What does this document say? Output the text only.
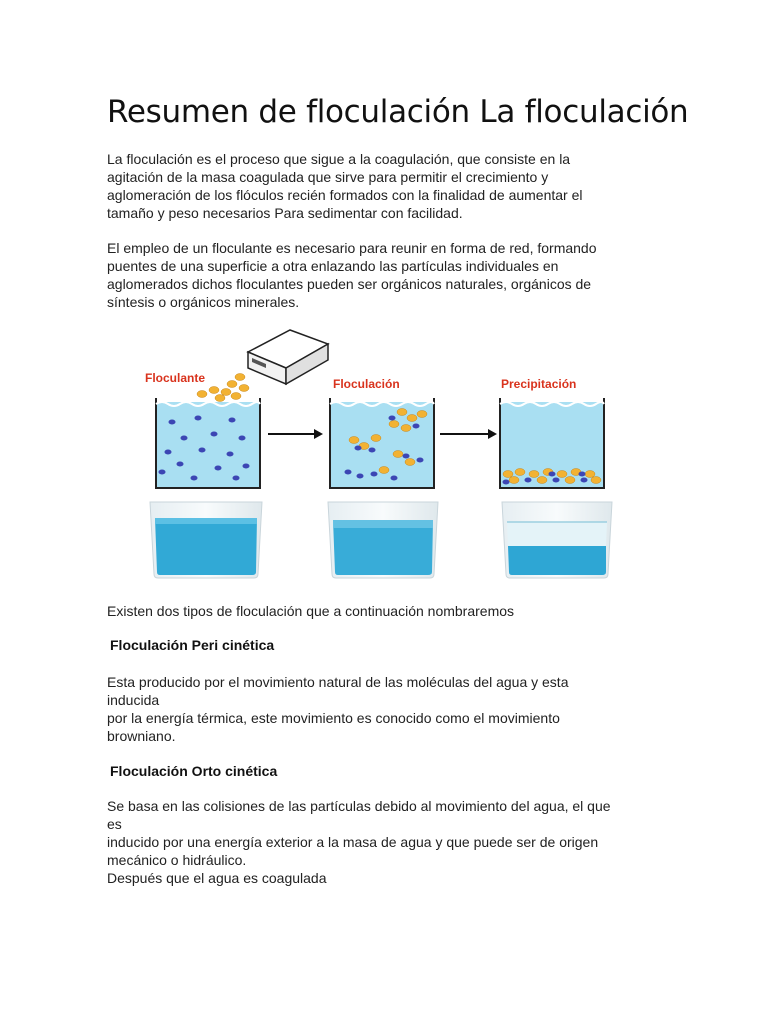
Resumen de floculación La floculación
La floculación es el proceso que sigue a la coagulación, que consiste en la
agitación de la masa coagulada que sirve para permitir el crecimiento y
aglomeración de los flóculos recién formados con la finalidad de aumentar el
tamaño y peso necesarios Para sedimentar con facilidad.
El empleo de un floculante es necesario para reunir en forma de red, formando
puentes de una superficie a otra enlazando las partículas individuales en
aglomerados dichos floculantes pueden ser orgánicos naturales, orgánicos de
síntesis o orgánicos minerales.
Floculante	Floculación	Precipitación

Existen dos tipos de floculación que a continuación nombraremos

Floculación Peri cinética

Esta producido por el movimiento natural de las moléculas del agua y esta
inducida
por la energía térmica, este movimiento es conocido como el movimiento
browniano.

Floculación Orto cinética

Se basa en las colisiones de las partículas debido al movimiento del agua, el que
es
inducido por una energía exterior a la masa de agua y que puede ser de origen
mecánico o hidráulico.
Después que el agua es coagulada
